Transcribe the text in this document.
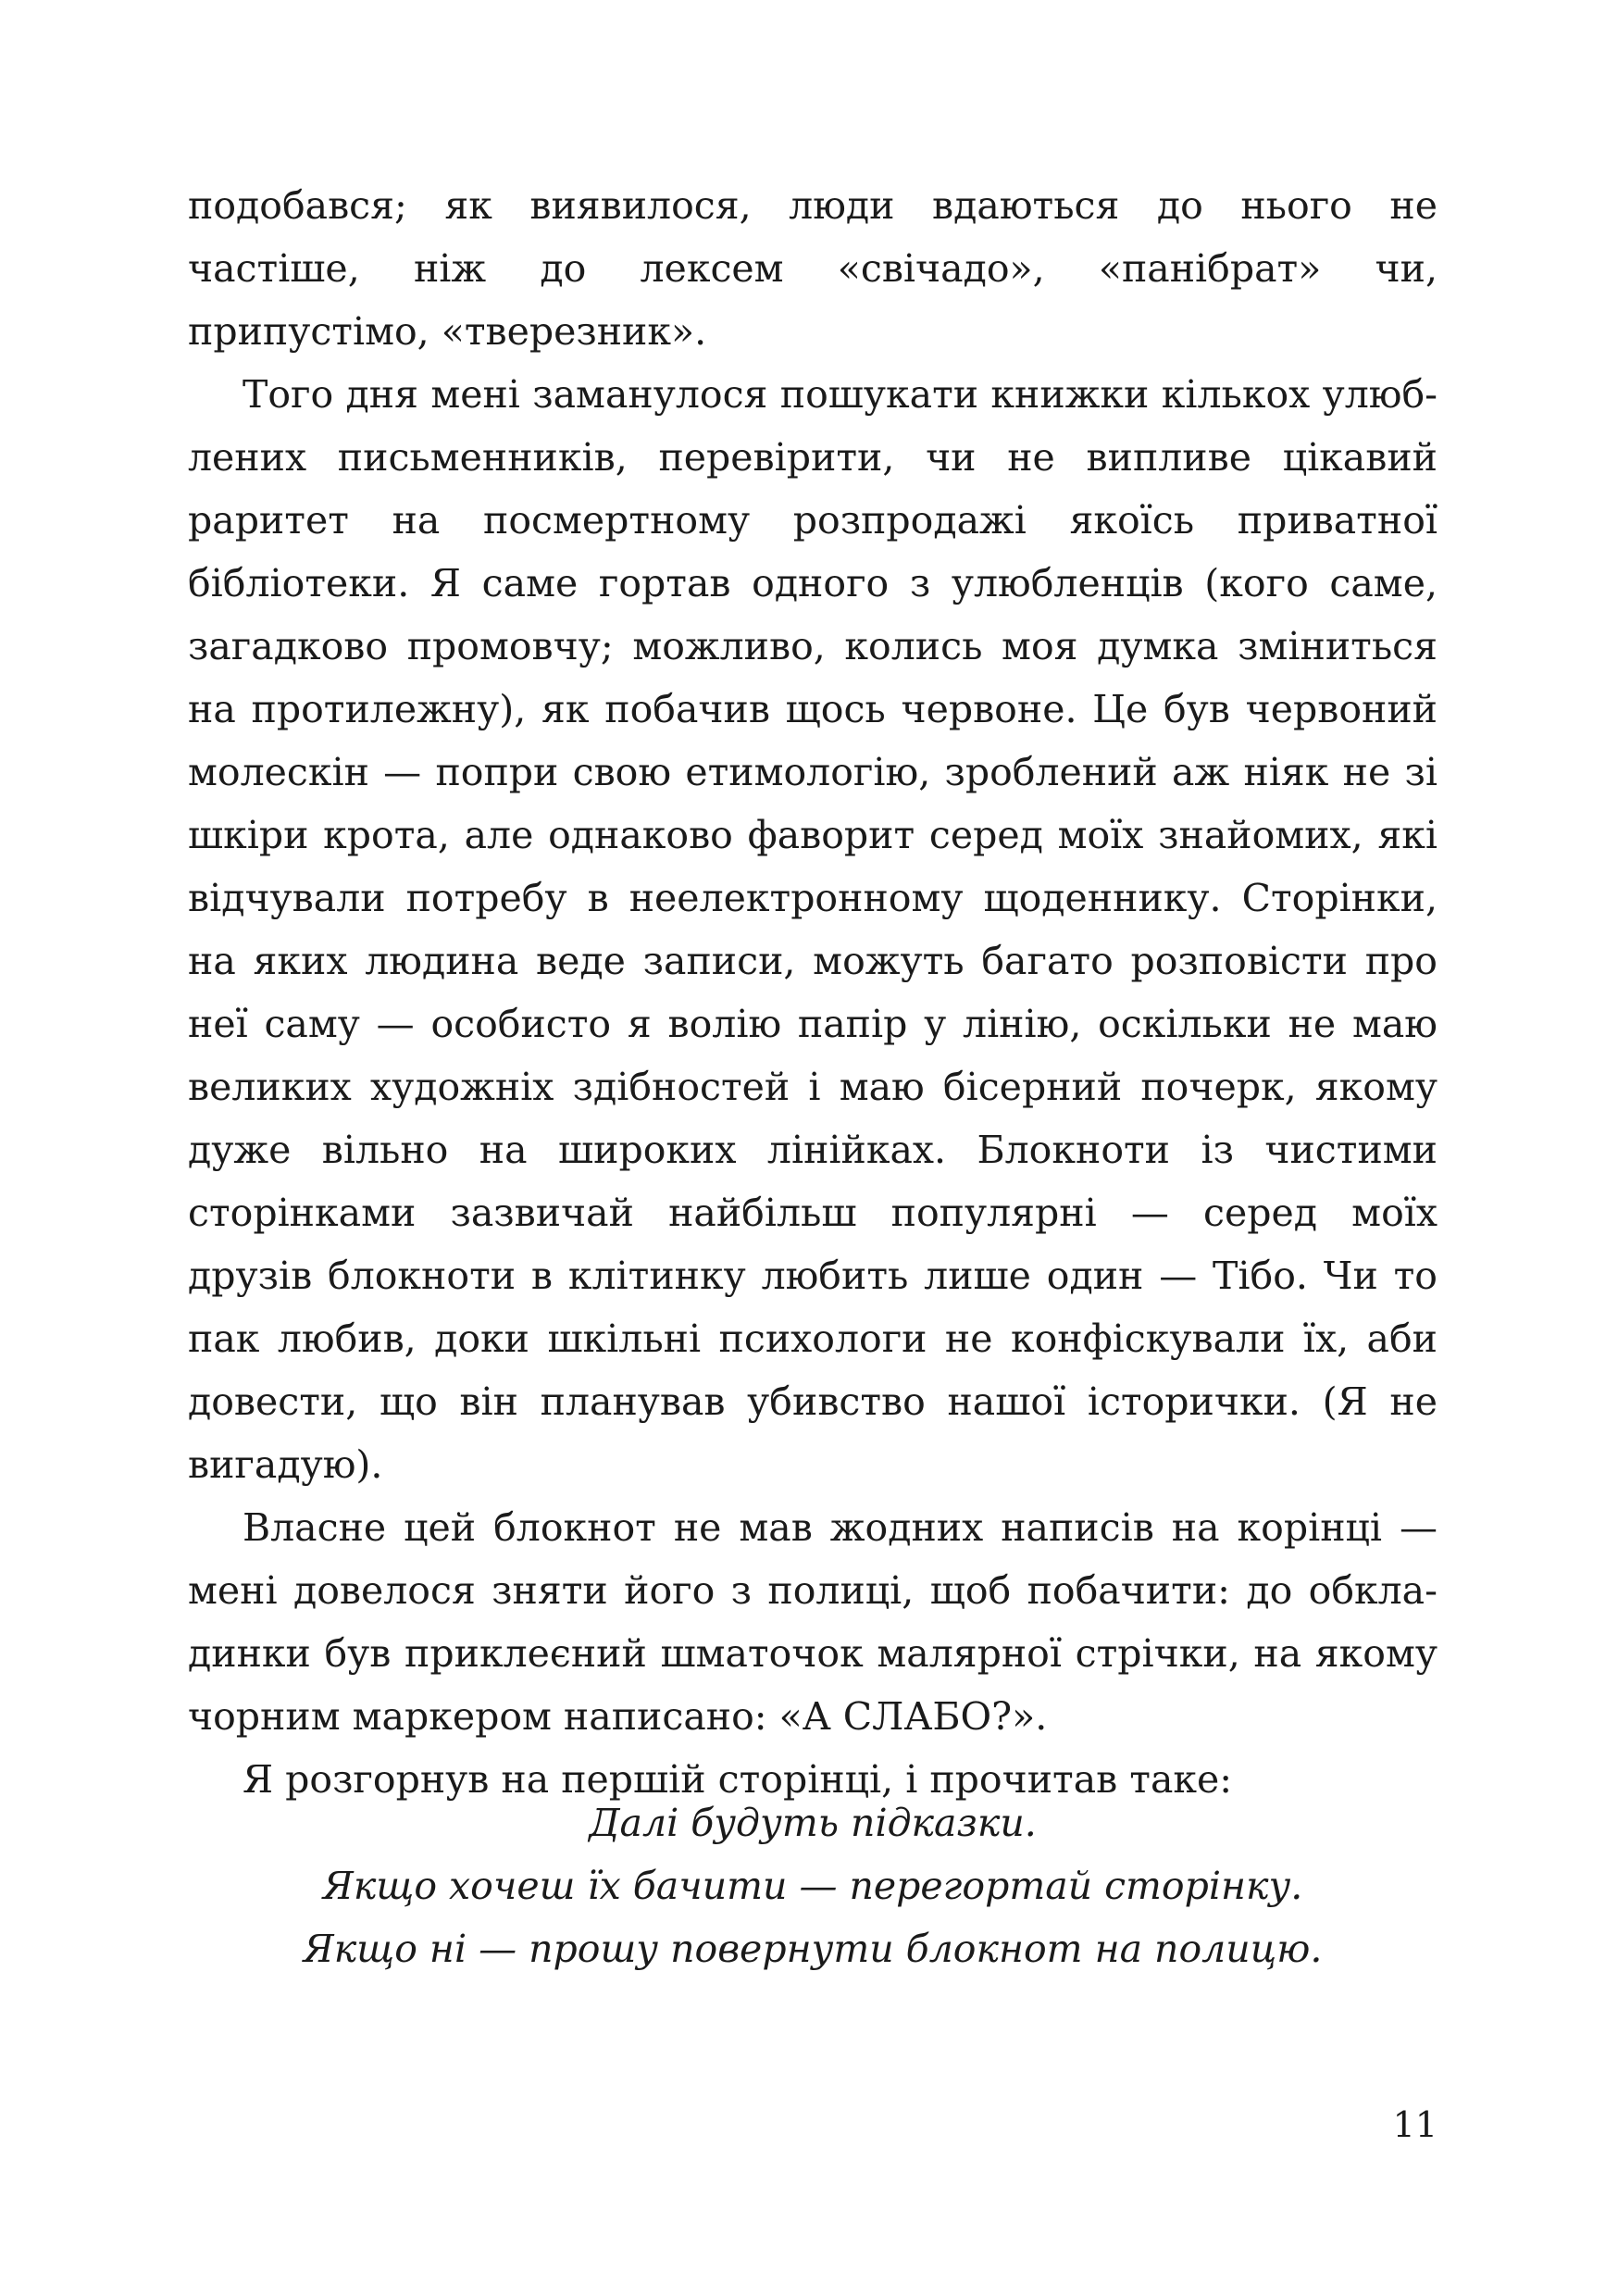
подобався; як виявилося, люди вдаються до нього не частіше, ніж до лексем «свічадо», «панібрат» чи, припустімо, «тверезник».

Того дня мені заманулося пошукати книжки кількох улюблених письменників, перевірити, чи не випливе цікавий раритет на посмертному розпродажі якоїсь приватної бібліотеки. Я саме гортав одного з улюбленців (кого саме, загадково промовчу; можливо, колись моя думка зміниться на протилежну), як побачив щось червоне. Це був червоний молескін — попри свою етимологію, зроблений аж ніяк не зі шкіри крота, але однаково фаворит серед моїх знайомих, які відчували потребу в неелектронному щоденнику. Сторінки, на яких людина веде записи, можуть багато розповісти про неї саму — особисто я волію папір у лінію, оскільки не маю великих художніх здібностей і маю бісерний почерк, якому дуже вільно на широких лінійках. Блокноти із чистими сторінками зазвичай найбільш популярні — серед моїх друзів блокноти в клітинку любить лише один — Тібо. Чи то пак любив, доки шкільні психологи не конфіскували їх, аби довести, що він планував убивство нашої історички. (Я не вигадую).

Власне цей блокнот не мав жодних написів на корінці — мені довелося зняти його з полиці, щоб побачити: до обкладинки був приклеєний шматочок малярної стрічки, на якому чорним маркером написано: «А СЛАБО?».

Я розгорнув на першій сторінці, і прочитав таке:

Далі будуть підказки.
Якщо хочеш їх бачити — перегортай сторінку.
Якщо ні — прошу повернути блокнот на полицю.
11
